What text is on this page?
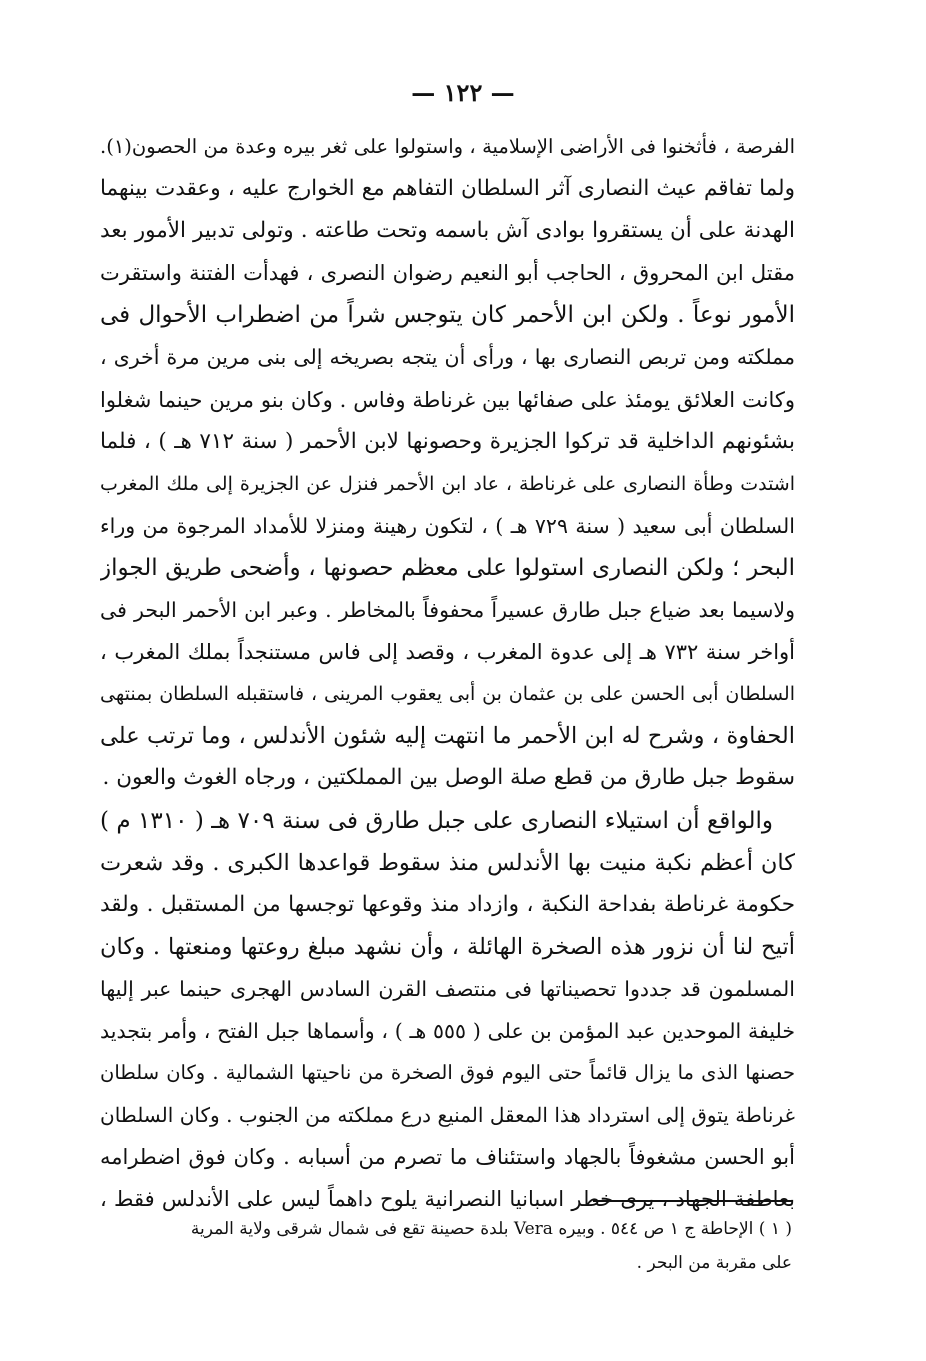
— ١٢٢ —
الفرصة ، فأثخنوا فى الأراضى الإسلامية ، واستولوا على ثغر بيره وعدة من الحصون(١).
ولما تفاقم عيث النصارى آثر السلطان التفاهم مع الخوارج عليه ، وعقدت بينهما
الهدنة على أن يستقروا بوادى آش باسمه وتحت طاعته . وتولى تدبير الأمور بعد
مقتل ابن المحروق ، الحاجب أبو النعيم رضوان النصرى ، فهدأت الفتنة واستقرت
الأمور نوعاً . ولكن ابن الأحمر كان يتوجس شراً من اضطراب الأحوال فى
مملكته ومن تربص النصارى بها ، ورأى أن يتجه بصريخه إلى بنى مرين مرة أخرى ،
وكانت العلائق يومئذ على صفائها بين غرناطة وفاس . وكان بنو مرين حينما شغلوا
بشئونهم الداخلية قد تركوا الجزيرة وحصونها لابن الأحمر ( سنة ٧١٢ هـ ) ، فلما
اشتدت وطأة النصارى على غرناطة ، عاد ابن الأحمر فنزل عن الجزيرة إلى ملك المغرب
السلطان أبى سعيد ( سنة ٧٢٩ هـ ) ، لتكون رهينة ومنزلا للأمداد المرجوة من وراء
البحر ؛ ولكن النصارى استولوا على معظم حصونها ، وأضحى طريق الجواز
ولاسيما بعد ضياع جبل طارق عسيراً محفوفاً بالمخاطر . وعبر ابن الأحمر البحر فى
أواخر سنة ٧٣٢ هـ إلى عدوة المغرب ، وقصد إلى فاس مستنجداً بملك المغرب ،
السلطان أبى الحسن على بن عثمان بن أبى يعقوب المرينى ، فاستقبله السلطان بمنتهى
الحفاوة ، وشرح له ابن الأحمر ما انتهت إليه شئون الأندلس ، وما ترتب على
سقوط جبل طارق من قطع صلة الوصل بين المملكتين ، ورجاه الغوث والعون .
والواقع أن استيلاء النصارى على جبل طارق فى سنة ٧٠٩ هـ ( ١٣١٠ م )
كان أعظم نكبة منيت بها الأندلس منذ سقوط قواعدها الكبرى . وقد شعرت
حكومة غرناطة بفداحة النكبة ، وازداد منذ وقوعها توجسها من المستقبل . ولقد
أتيح لنا أن نزور هذه الصخرة الهائلة ، وأن نشهد مبلغ روعتها ومنعتها . وكان
المسلمون قد جددوا تحصيناتها فى منتصف القرن السادس الهجرى حينما عبر إليها
خليفة الموحدين عبد المؤمن بن على ( ٥٥٥ هـ ) ، وأسماها جبل الفتح ، وأمر بتجديد
حصنها الذى ما يزال قائماً حتى اليوم فوق الصخرة من ناحيتها الشمالية . وكان سلطان
غرناطة يتوق إلى استرداد هذا المعقل المنيع درع مملكته من الجنوب . وكان السلطان
أبو الحسن مشغوفاً بالجهاد واستئناف ما تصرم من أسبابه . وكان فوق اضطرامه
بعاطفة الجهاد ، يرى خطر اسبانيا النصرانية يلوح داهماً ليس على الأندلس فقط ،
( ١ ) الإحاطة ج ١ ص ٥٤٤ . وبيره Vera بلدة حصينة تقع فى شمال شرقى ولاية المرية
على مقربة من البحر .
